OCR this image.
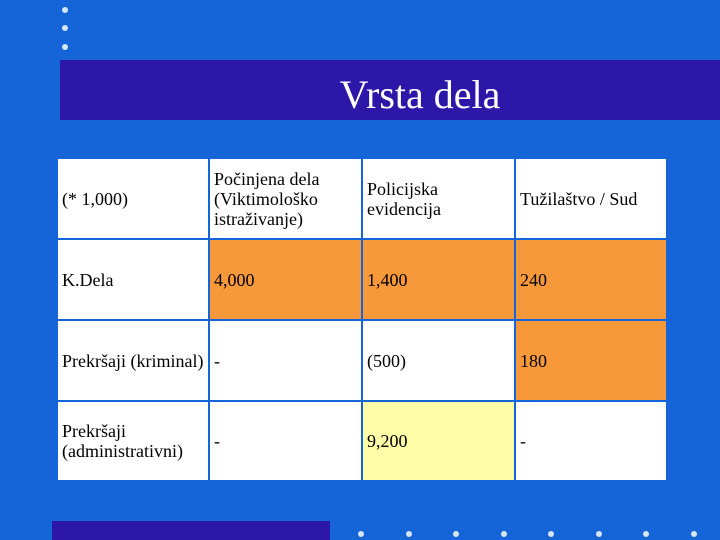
Vrsta dela
(* 1,000)	Počinjena dela (Viktimološko istraživanje)	Policijska evidencija	Tužilaštvo / Sud
K.Dela	4,000	1,400	240
Prekršaji (kriminal)	-	(500)	180
Prekršaji (administrativni)	-	9,200	-
